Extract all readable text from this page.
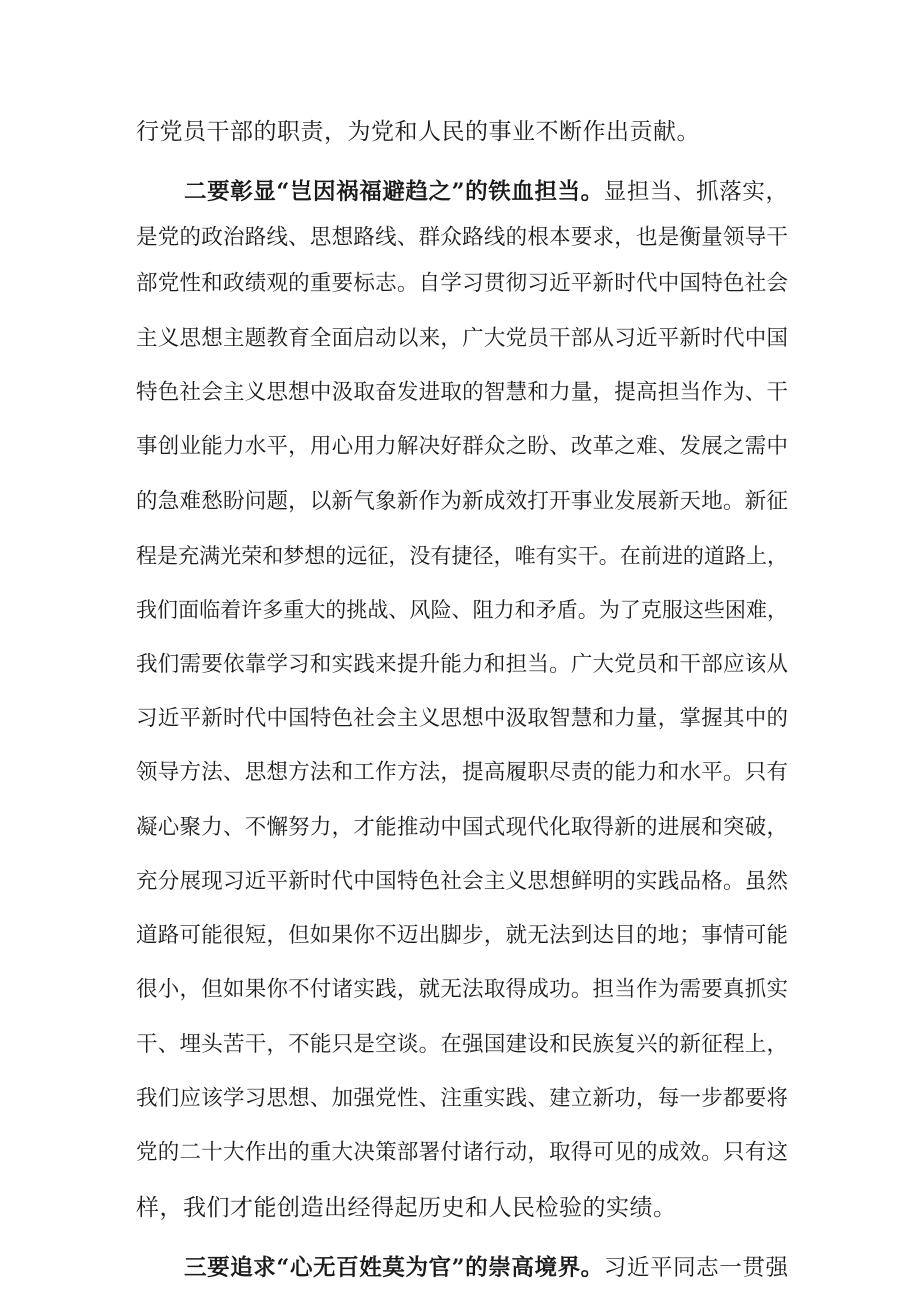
行党员干部的职责，为党和人民的事业不断作出贡献。
二要彰显“岂因祸福避趋之”的铁血担当。显担当、抓落实，
是党的政治路线、思想路线、群众路线的根本要求，也是衡量领导干
部党性和政绩观的重要标志。自学习贯彻习近平新时代中国特色社会
主义思想主题教育全面启动以来，广大党员干部从习近平新时代中国
特色社会主义思想中汲取奋发进取的智慧和力量，提高担当作为、干
事创业能力水平，用心用力解决好群众之盼、改革之难、发展之需中
的急难愁盼问题，以新气象新作为新成效打开事业发展新天地。新征
程是充满光荣和梦想的远征，没有捷径，唯有实干。在前进的道路上，
我们面临着许多重大的挑战、风险、阻力和矛盾。为了克服这些困难，
我们需要依靠学习和实践来提升能力和担当。广大党员和干部应该从
习近平新时代中国特色社会主义思想中汲取智慧和力量，掌握其中的
领导方法、思想方法和工作方法，提高履职尽责的能力和水平。只有
凝心聚力、不懈努力，才能推动中国式现代化取得新的进展和突破，
充分展现习近平新时代中国特色社会主义思想鲜明的实践品格。虽然
道路可能很短，但如果你不迈出脚步，就无法到达目的地；事情可能
很小，但如果你不付诸实践，就无法取得成功。担当作为需要真抓实
干、埋头苦干，不能只是空谈。在强国建设和民族复兴的新征程上，
我们应该学习思想、加强党性、注重实践、建立新功，每一步都要将
党的二十大作出的重大决策部署付诸行动，取得可见的成效。只有这
样，我们才能创造出经得起历史和人民检验的实绩。
三要追求“心无百姓莫为官”的崇高境界。习近平同志一贯强
